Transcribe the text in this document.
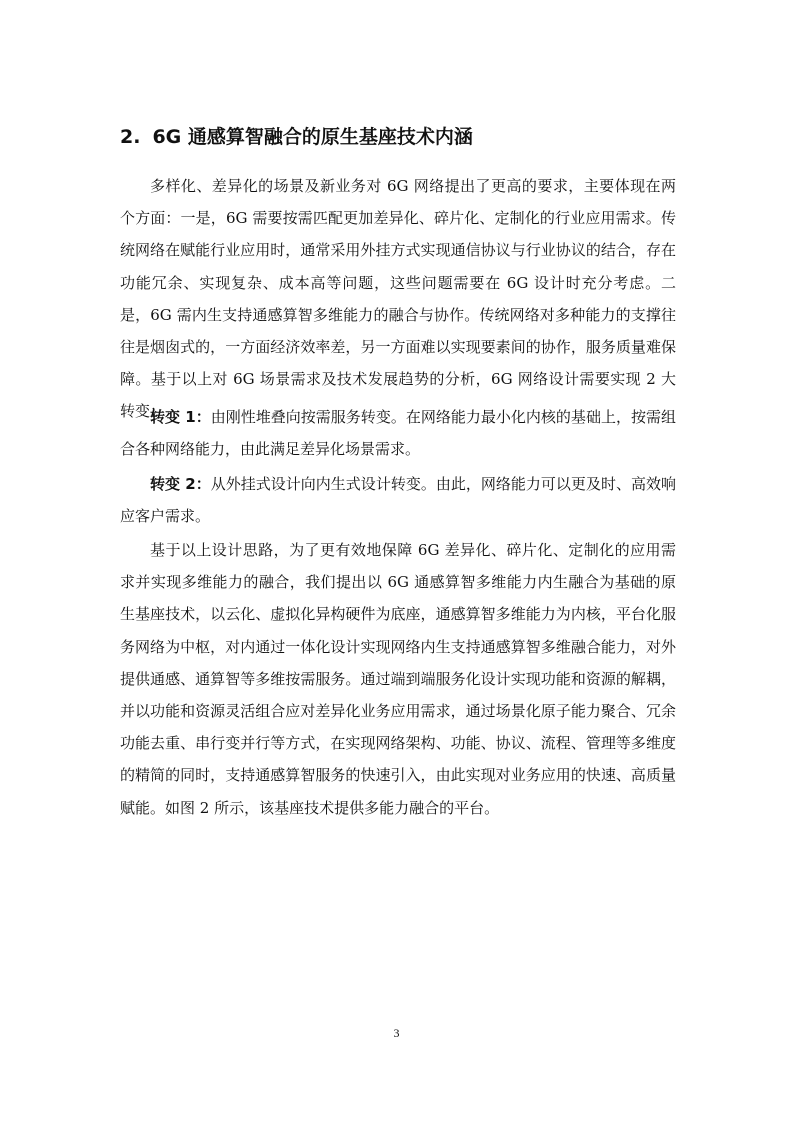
2. 6G 通感算智融合的原生基座技术内涵

多样化、差异化的场景及新业务对 6G 网络提出了更高的要求，主要体现在两个方面：一是，6G 需要按需匹配更加差异化、碎片化、定制化的行业应用需求。传统网络在赋能行业应用时，通常采用外挂方式实现通信协议与行业协议的结合，存在功能冗余、实现复杂、成本高等问题，这些问题需要在 6G 设计时充分考虑。二是，6G 需内生支持通感算智多维能力的融合与协作。传统网络对多种能力的支撑往往是烟囱式的，一方面经济效率差，另一方面难以实现要素间的协作，服务质量难保障。基于以上对 6G 场景需求及技术发展趋势的分析，6G 网络设计需要实现 2 大转变：

转变 1：由刚性堆叠向按需服务转变。在网络能力最小化内核的基础上，按需组合各种网络能力，由此满足差异化场景需求。

转变 2：从外挂式设计向内生式设计转变。由此，网络能力可以更及时、高效响应客户需求。

基于以上设计思路，为了更有效地保障 6G 差异化、碎片化、定制化的应用需求并实现多维能力的融合，我们提出以 6G 通感算智多维能力内生融合为基础的原生基座技术，以云化、虚拟化异构硬件为底座，通感算智多维能力为内核，平台化服务网络为中枢，对内通过一体化设计实现网络内生支持通感算智多维融合能力，对外提供通感、通算智等多维按需服务。通过端到端服务化设计实现功能和资源的解耦，并以功能和资源灵活组合应对差异化业务应用需求，通过场景化原子能力聚合、冗余功能去重、串行变并行等方式，在实现网络架构、功能、协议、流程、管理等多维度的精简的同时，支持通感算智服务的快速引入，由此实现对业务应用的快速、高质量赋能。如图 2 所示，该基座技术提供多能力融合的平台。

3
